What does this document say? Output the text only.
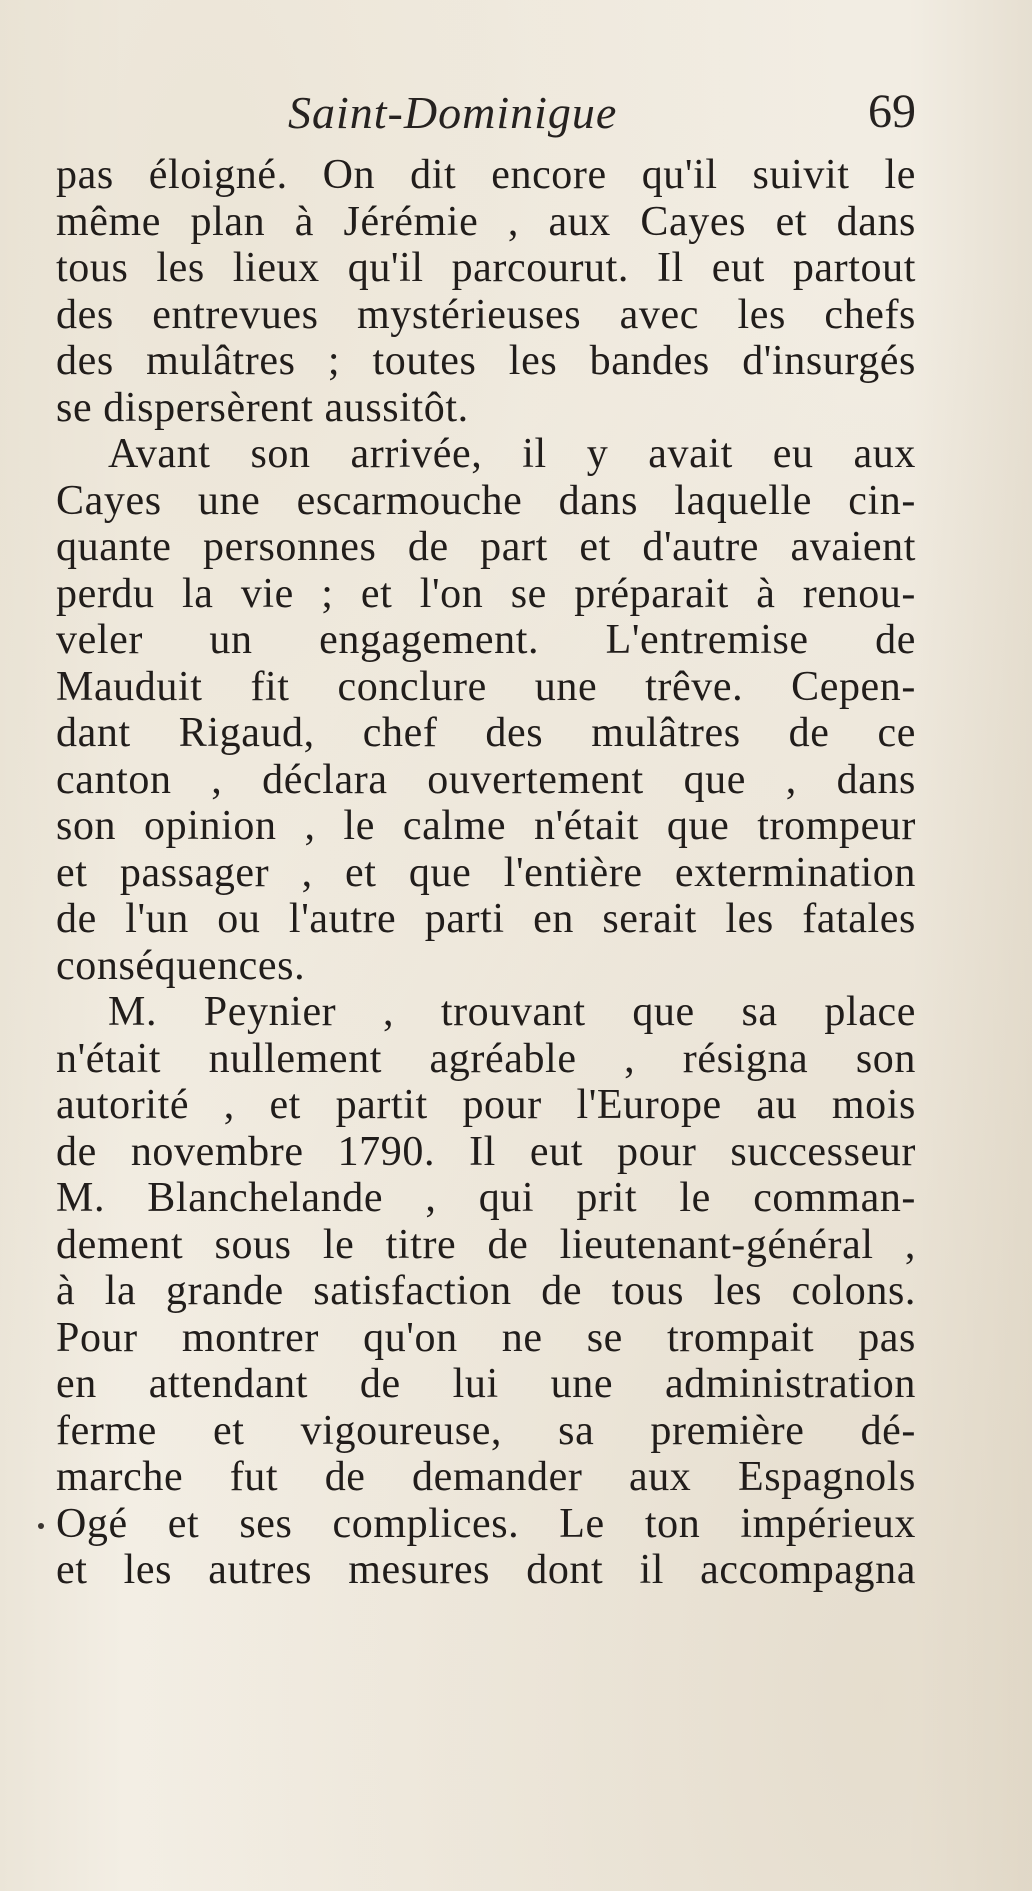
Saint-Dominigue	69
pas éloigné. On dit encore qu'il suivit le
même plan à Jérémie , aux Cayes et dans
tous les lieux qu'il parcourut. Il eut partout
des entrevues mystérieuses avec les chefs
des mulâtres ; toutes les bandes d'insurgés
se dispersèrent aussitôt.
Avant son arrivée, il y avait eu aux
Cayes une escarmouche dans laquelle cin-
quante personnes de part et d'autre avaient
perdu la vie ; et l'on se préparait à renou-
veler un engagement. L'entremise de
Mauduit fit conclure une trêve. Cepen-
dant Rigaud, chef des mulâtres de ce
canton , déclara ouvertement que , dans
son opinion , le calme n'était que trompeur
et passager , et que l'entière extermination
de l'un ou l'autre parti en serait les fatales
conséquences.
M. Peynier , trouvant que sa place
n'était nullement agréable , résigna son
autorité , et partit pour l'Europe au mois
de novembre 1790. Il eut pour successeur
M. Blanchelande , qui prit le comman-
dement sous le titre de lieutenant-général ,
à la grande satisfaction de tous les colons.
Pour montrer qu'on ne se trompait pas
en attendant de lui une administration
ferme et vigoureuse, sa première dé-
marche fut de demander aux Espagnols
Ogé et ses complices. Le ton impérieux
et les autres mesures dont il accompagna
